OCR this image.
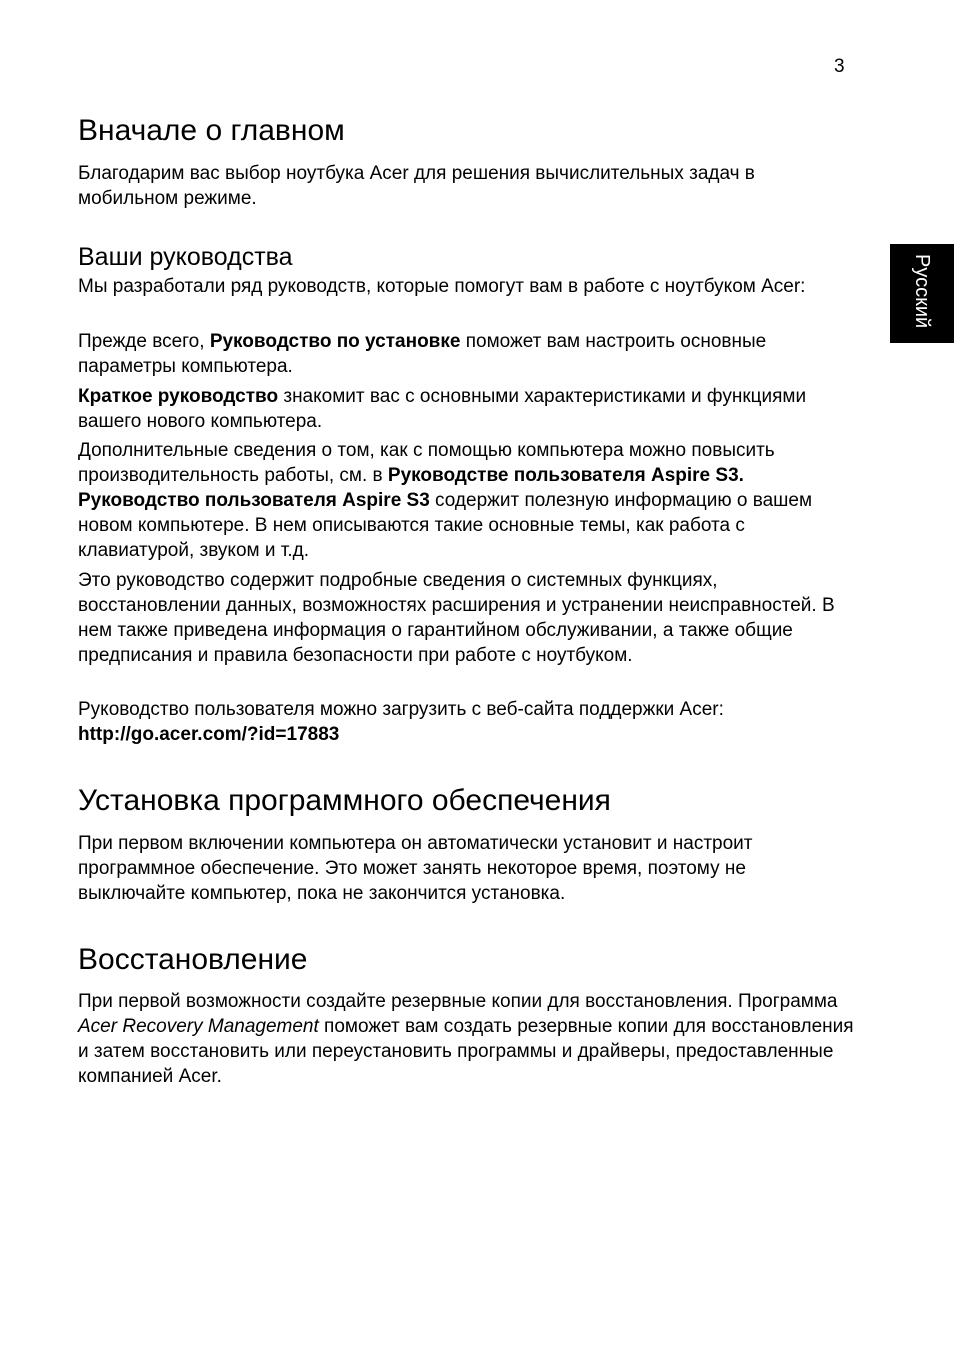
3
Русский
Вначале о главном

Благодарим вас выбор ноутбука Acer для решения вычислительных задач в мобильном режиме.

Ваши руководства

Мы разработали ряд руководств, которые помогут вам в работе с ноутбуком Acer:

Прежде всего, Руководство по установке поможет вам настроить основные параметры компьютера.

Краткое руководство знакомит вас с основными характеристиками и функциями вашего нового компьютера.

Дополнительные сведения о том, как с помощью компьютера можно повысить производительность работы, см. в Руководстве пользователя Aspire S3.
Руководство пользователя Aspire S3 содержит полезную информацию о вашем новом компьютере. В нем описываются такие основные темы, как работа с клавиатурой, звуком и т.д.

Это руководство содержит подробные сведения о системных функциях, восстановлении данных, возможностях расширения и устранении неисправностей. В нем также приведена информация о гарантийном обслуживании, а также общие предписания и правила безопасности при работе с ноутбуком.

Руководство пользователя можно загрузить с веб-сайта поддержки Acer:
http://go.acer.com/?id=17883

Установка программного обеспечения

При первом включении компьютера он автоматически установит и настроит программное обеспечение. Это может занять некоторое время, поэтому не выключайте компьютер, пока не закончится установка.

Восстановление

При первой возможности создайте резервные копии для восстановления. Программа Acer Recovery Management поможет вам создать резервные копии для восстановления и затем восстановить или переустановить программы и драйверы, предоставленные компанией Acer.
